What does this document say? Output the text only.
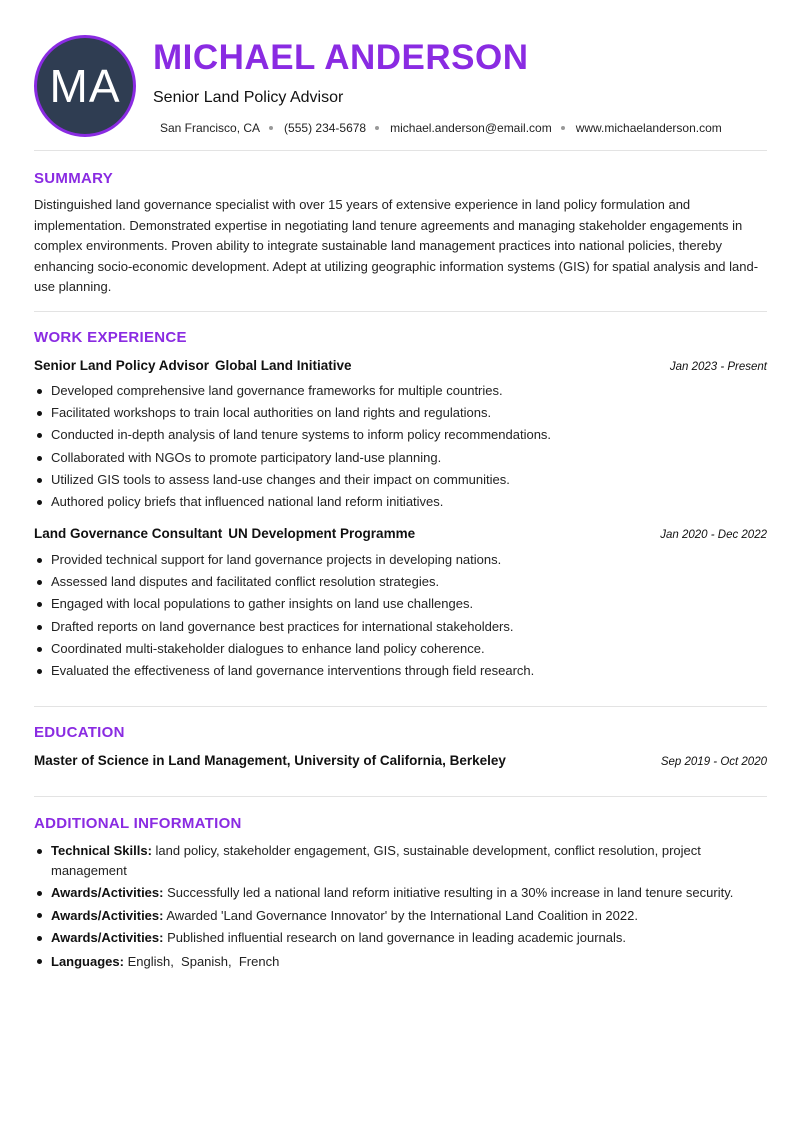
MA
MICHAEL ANDERSON
Senior Land Policy Advisor
San Francisco, CA (555) 234-5678 michael.anderson@email.com www.michaelanderson.com
SUMMARY
Distinguished land governance specialist with over 15 years of extensive experience in land policy formulation and implementation. Demonstrated expertise in negotiating land tenure agreements and managing stakeholder engagements in complex environments. Proven ability to integrate sustainable land management practices into national policies, thereby enhancing socio-economic development. Adept at utilizing geographic information systems (GIS) for spatial analysis and land-use planning.
WORK EXPERIENCE
Senior Land Policy Advisor Global Land Initiative	Jan 2023 - Present
Developed comprehensive land governance frameworks for multiple countries.
Facilitated workshops to train local authorities on land rights and regulations.
Conducted in-depth analysis of land tenure systems to inform policy recommendations.
Collaborated with NGOs to promote participatory land-use planning.
Utilized GIS tools to assess land-use changes and their impact on communities.
Authored policy briefs that influenced national land reform initiatives.
Land Governance Consultant UN Development Programme	Jan 2020 - Dec 2022
Provided technical support for land governance projects in developing nations.
Assessed land disputes and facilitated conflict resolution strategies.
Engaged with local populations to gather insights on land use challenges.
Drafted reports on land governance best practices for international stakeholders.
Coordinated multi-stakeholder dialogues to enhance land policy coherence.
Evaluated the effectiveness of land governance interventions through field research.
EDUCATION
Master of Science in Land Management, University of California, Berkeley	Sep 2019 - Oct 2020
ADDITIONAL INFORMATION
Technical Skills: land policy, stakeholder engagement, GIS, sustainable development, conflict resolution, project management
Awards/Activities: Successfully led a national land reform initiative resulting in a 30% increase in land tenure security.
Awards/Activities: Awarded 'Land Governance Innovator' by the International Land Coalition in 2022.
Awards/Activities: Published influential research on land governance in leading academic journals.
Languages: English,  Spanish,  French
